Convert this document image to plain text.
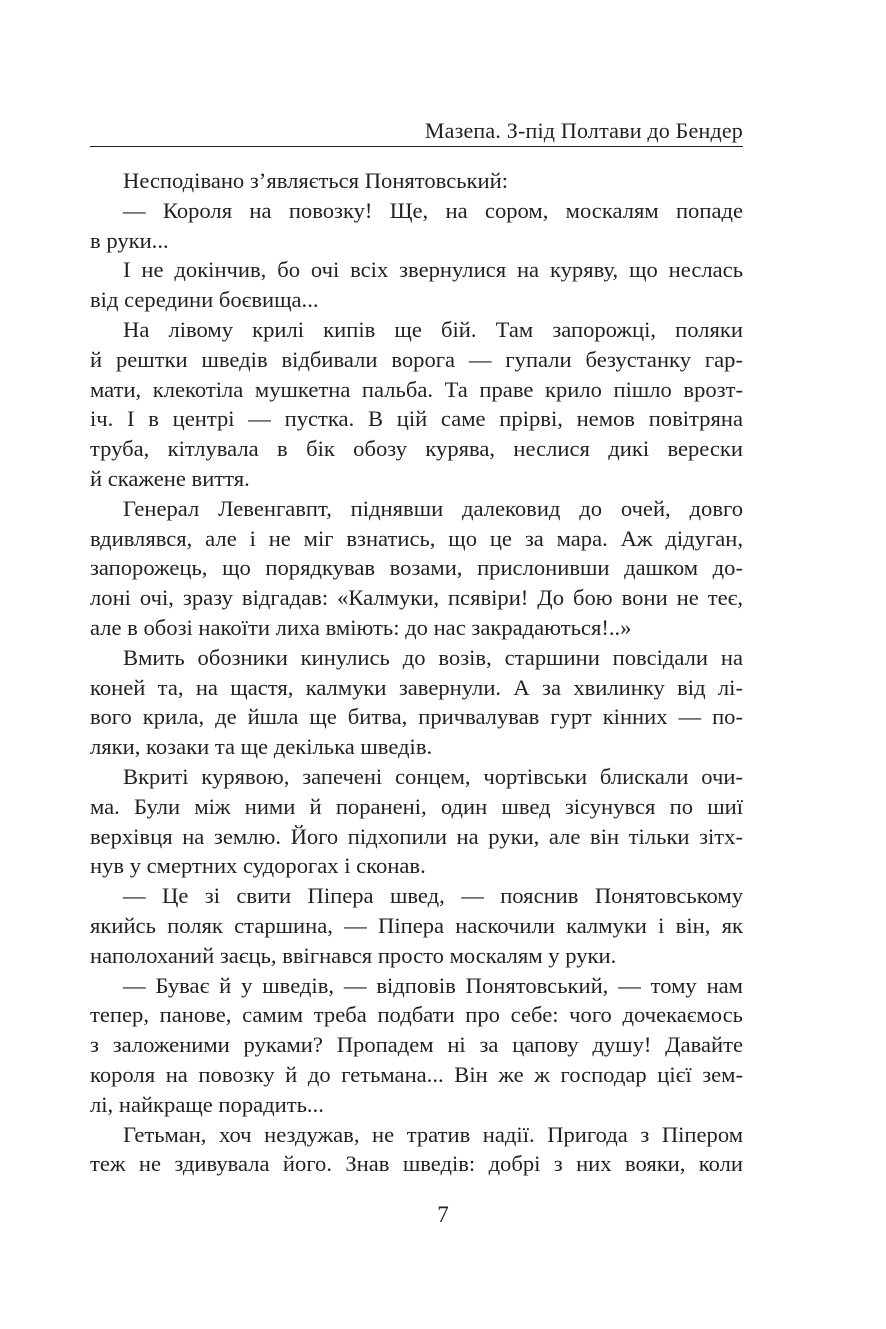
Мазепа. З-під Полтави до Бендер
Несподівано з’являється Понятовський:
— Короля на повозку! Ще, на сором, москалям попаде
в руки...
І не докінчив, бо очі всіх звернулися на куряву, що неслась
від середини боєвища...
На лівому крилі кипів ще бій. Там запорожці, поляки
й рештки шведів відбивали ворога — гупали безустанку гар-
мати, клекотіла мушкетна пальба. Та праве крило пішло врозт-
іч. І в центрі — пустка. В цій саме прірві, немов повітряна
труба, кітлувала в бік обозу курява, неслися дикі верески
й скажене виття.
Генерал Левенгавпт, піднявши далековид до очей, довго
вдивлявся, але і не міг взнатись, що це за мара. Аж дідуган,
запорожець, що порядкував возами, прислонивши дашком до-
лоні очі, зразу відгадав: «Калмуки, псявіри! До бою вони не теє,
але в обозі накоїти лиха вміють: до нас закрадаються!..»
Вмить обозники кинулись до возів, старшини повсідали на
коней та, на щастя, калмуки завернули. А за хвилинку від лі-
вого крила, де йшла ще битва, причвалував гурт кінних — по-
ляки, козаки та ще декілька шведів.
Вкриті курявою, запечені сонцем, чортівськи блискали очи-
ма. Були між ними й поранені, один швед зісунувся по шиї
верхівця на землю. Його підхопили на руки, але він тільки зітх-
нув у смертних судорогах і сконав.
— Це зі свити Піпера швед, — пояснив Понятовському
якийсь поляк старшина, — Піпера наскочили калмуки і він, як
наполоханий заєць, ввігнався просто москалям у руки.
— Буває й у шведів, — відповів Понятовський, — тому нам
тепер, панове, самим треба подбати про себе: чого дочекаємось
з заложеними руками? Пропадем ні за цапову душу! Давайте
короля на повозку й до гетьмана... Він же ж господар цієї зем-
лі, найкраще порадить...
Гетьман, хоч нездужав, не тратив надії. Пригода з Піпером
теж не здивувала його. Знав шведів: добрі з них вояки, коли
7
